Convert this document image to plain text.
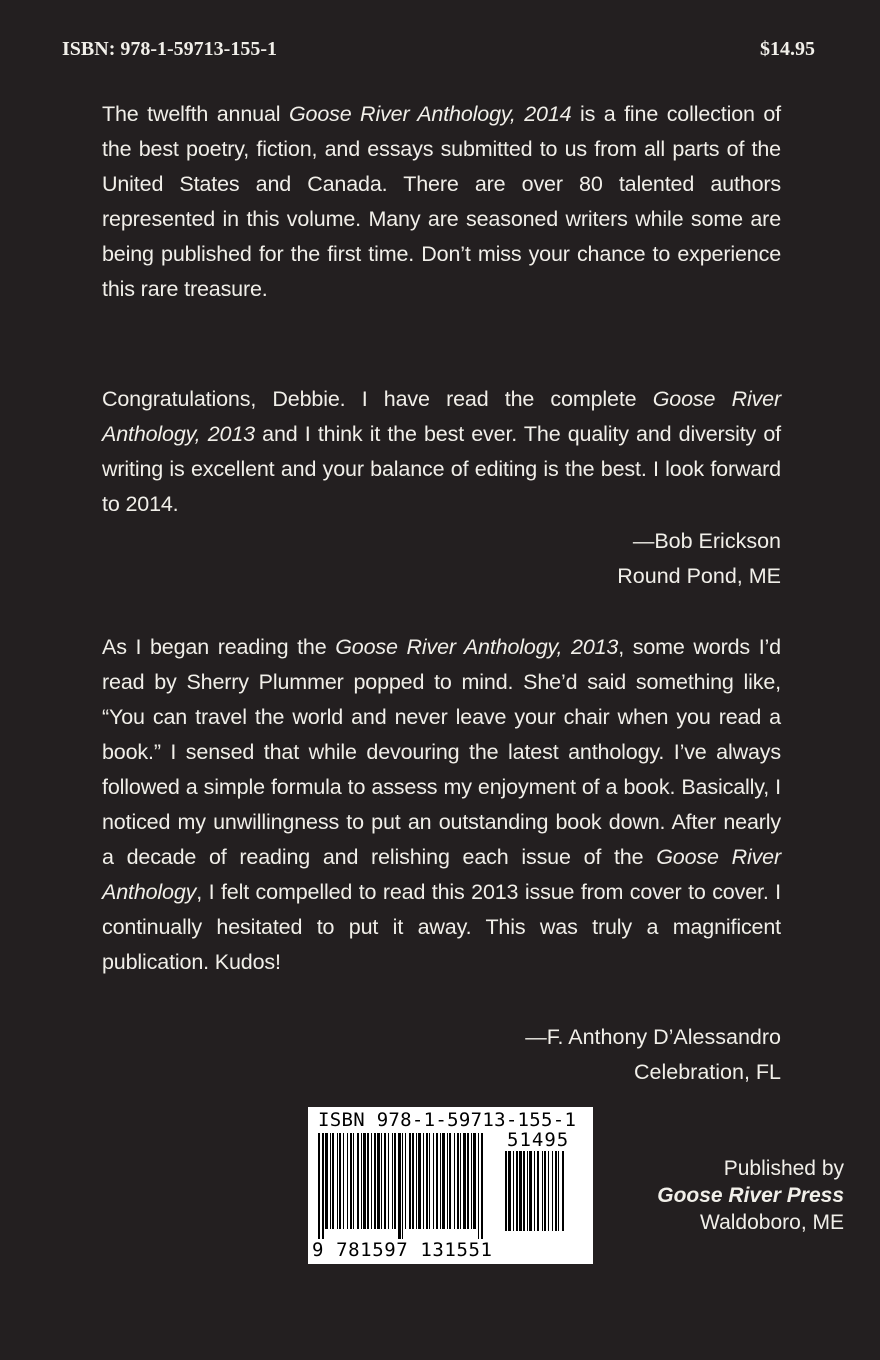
ISBN: 978-1-59713-155-1	$14.95

The twelfth annual Goose River Anthology, 2014 is a fine collection of the best poetry, fiction, and essays submitted to us from all parts of the United States and Canada. There are over 80 talented authors represented in this volume. Many are seasoned writers while some are being published for the first time. Don’t miss your chance to experience this rare treasure.

Congratulations, Debbie. I have read the complete Goose River Anthology, 2013 and I think it the best ever. The quality and diversity of writing is excellent and your balance of editing is the best. I look forward to 2014.

—Bob Erickson
Round Pond, ME

As I began reading the Goose River Anthology, 2013, some words I’d read by Sherry Plummer popped to mind. She’d said something like, “You can travel the world and never leave your chair when you read a book.” I sensed that while devouring the latest anthology. I’ve always followed a simple formula to assess my enjoyment of a book. Basically, I noticed my unwillingness to put an outstanding book down. After nearly a decade of reading and relishing each issue of the Goose River Anthology, I felt compelled to read this 2013 issue from cover to cover. I continually hesitated to put it away. This was truly a magnificent publication. Kudos!

—F. Anthony D’Alessandro
Celebration, FL
ISBN 978-1-59713-155-1
51495
9 781597 131551
Published by
Goose River Press
Waldoboro, ME
